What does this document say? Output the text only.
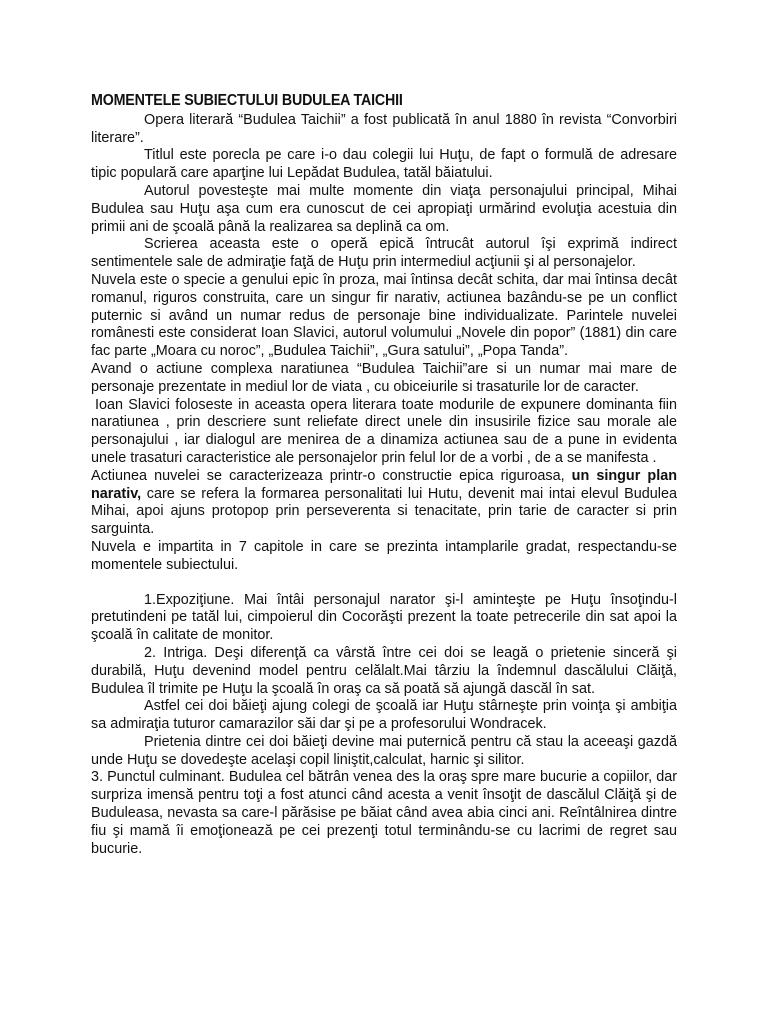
MOMENTELE SUBIECTULUI BUDULEA TAICHII

Opera literară “Budulea Taichii” a fost publicată în anul 1880 în revista “Convorbiri literare”.

Titlul este porecla pe care i-o dau colegii lui Huţu, de fapt o formulă de adresare tipic populară care aparţine lui Lepădat Budulea, tatăl băiatului.

Autorul povesteşte mai multe momente din viaţa personajului principal, Mihai Budulea sau Huţu aşa cum era cunoscut de cei apropiaţi urmărind evoluţia acestuia din primii ani de şcoală până la realizarea sa deplină ca om.

Scrierea aceasta este o operă epică întrucât autorul îşi exprimă indirect sentimentele sale de admiraţie faţă de Huţu prin intermediul acţiunii şi al personajelor.

Nuvela este o specie a genului epic în proza, mai întinsa decât schita, dar mai întinsa decât romanul, riguros construita, care un singur fir narativ, actiunea bazându-se pe un conflict puternic si având un numar redus de personaje bine individualizate. Parintele nuvelei românesti este considerat Ioan Slavici, autorul volumului „Novele din popor” (1881) din care fac parte „Moara cu noroc”, „Budulea Taichii”, „Gura satului”, „Popa Tanda”.

Avand o actiune complexa naratiunea “Budulea Taichii”are si un numar mai mare de personaje prezentate in mediul lor de viata , cu obiceiurile si trasaturile lor de caracter.

Ioan Slavici foloseste in aceasta opera literara toate modurile de expunere dominanta fiin naratiunea , prin descriere sunt reliefate direct unele din insusirile fizice sau morale ale personajului , iar dialogul are menirea de a dinamiza actiunea sau de a pune in evidenta unele trasaturi caracteristice ale personajelor prin felul lor de a vorbi , de a se manifesta .

Actiunea nuvelei se caracterizeaza printr-o constructie epica riguroasa, un singur plan narativ, care se refera la formarea personalitati lui Hutu, devenit mai intai elevul Budulea Mihai, apoi ajuns protopop prin perseverenta si tenacitate, prin tarie de caracter si prin sarguinta.

Nuvela e impartita in 7 capitole in care se prezinta intamplarile gradat, respectandu-se momentele subiectului.

1.Expoziţiune. Mai întâi personajul narator şi-l aminteşte pe Huţu însoţindu-l pretutindeni pe tatăl lui, cimpoierul din Cocorăşti prezent la toate petrecerile din sat apoi la şcoală în calitate de monitor.

2. Intriga. Deşi diferenţă ca vârstă între cei doi se leagă o prietenie sinceră şi durabilă, Huţu devenind model pentru celălalt.Mai târziu la îndemnul dascălului Clăiţă, Budulea îl trimite pe Huţu la şcoală în oraş ca să poată să ajungă dascăl în sat.

Astfel cei doi băieţi ajung colegi de şcoală iar Huţu stârneşte prin voinţa şi ambiţia sa admiraţia tuturor camarazilor săi dar şi pe a profesorului Wondracek.

Prietenia dintre cei doi băieţi devine mai puternică pentru că stau la aceeaşi gazdă unde Huţu se dovedeşte acelaşi copil liniştit,calculat, harnic şi silitor.

3. Punctul culminant. Budulea cel bătrân venea des la oraş spre mare bucurie a copiilor, dar surpriza imensă pentru toţi a fost atunci când acesta a venit însoţit de dascălul Clăiţă şi de Buduleasa, nevasta sa care-l părăsise pe băiat când avea abia cinci ani. Reîntâlnirea dintre fiu şi mamă îi emoţionează pe cei prezenţi totul terminându-se cu lacrimi de regret sau bucurie.
